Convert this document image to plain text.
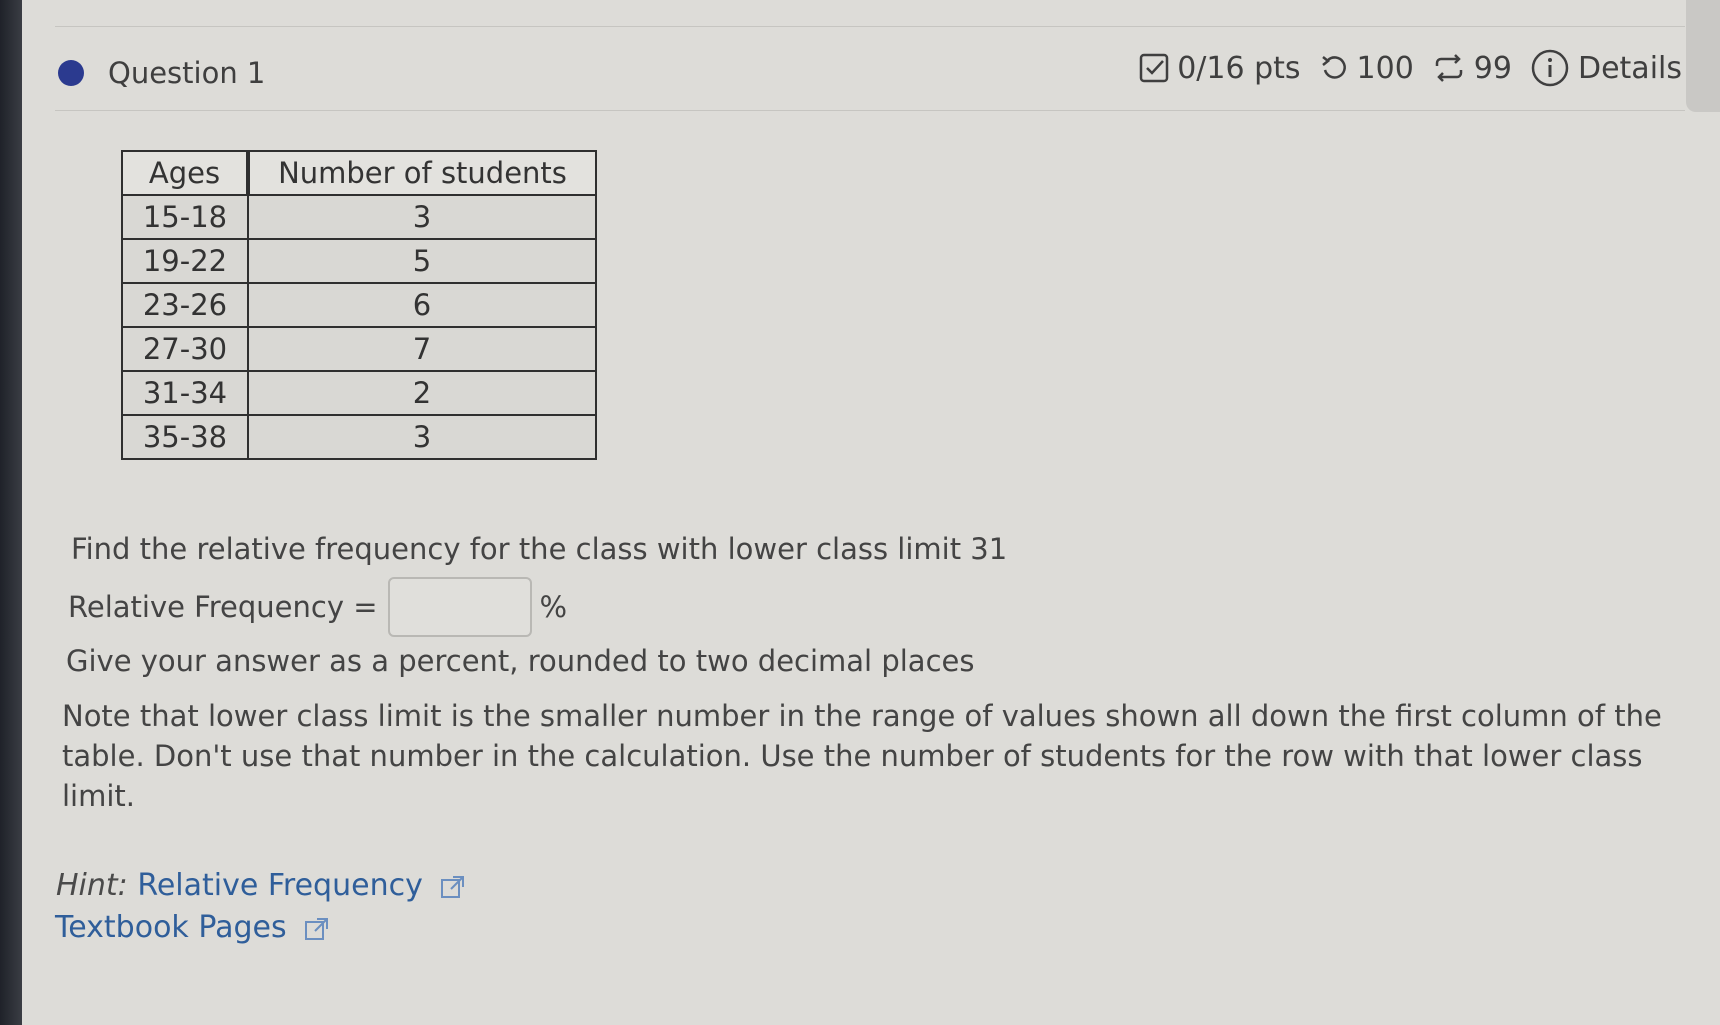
Question 1	0/16 pts 100 99 Details
Ages	Number of students
15-18	3
19-22	5
23-26	6
27-30	7
31-34	2
35-38	3
Find the relative frequency for the class with lower class limit 31
Relative Frequency =	%
Give your answer as a percent, rounded to two decimal places
Note that lower class limit is the smaller number in the range of values shown all down the first column of the table. Don't use that number in the calculation. Use the number of students for the row with that lower class limit.
Hint: Relative Frequency
Textbook Pages
